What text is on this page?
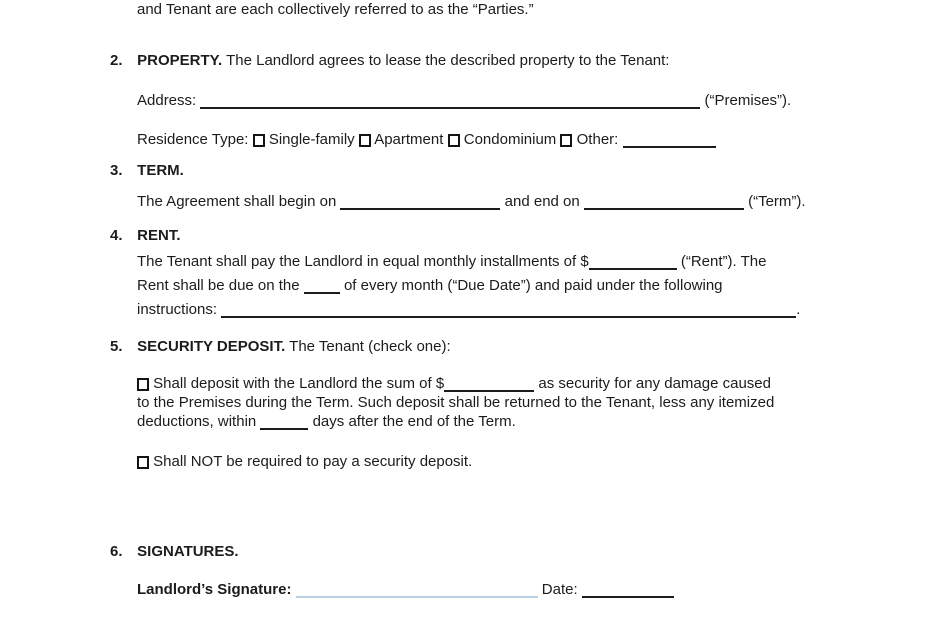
and Tenant are each collectively referred to as the “Parties.”
2. PROPERTY. The Landlord agrees to lease the described property to the Tenant:
Address:	(“Premises”).
Residence Type: Single-family Apartment Condominium Other:
3. TERM.
The Agreement shall begin on	and end on	(“Term”).
4. RENT.
The Tenant shall pay the Landlord in equal monthly installments of $	(“Rent”). The
Rent shall be due on the	of every month (“Due Date”) and paid under the following
instructions:	.
5. SECURITY DEPOSIT. The Tenant (check one):
Shall deposit with the Landlord the sum of $	as security for any damage caused
to the Premises during the Term. Such deposit shall be returned to the Tenant, less any itemized
deductions, within	days after the end of the Term.
Shall NOT be required to pay a security deposit.
6. SIGNATURES.
Landlord’s Signature:	Date:
